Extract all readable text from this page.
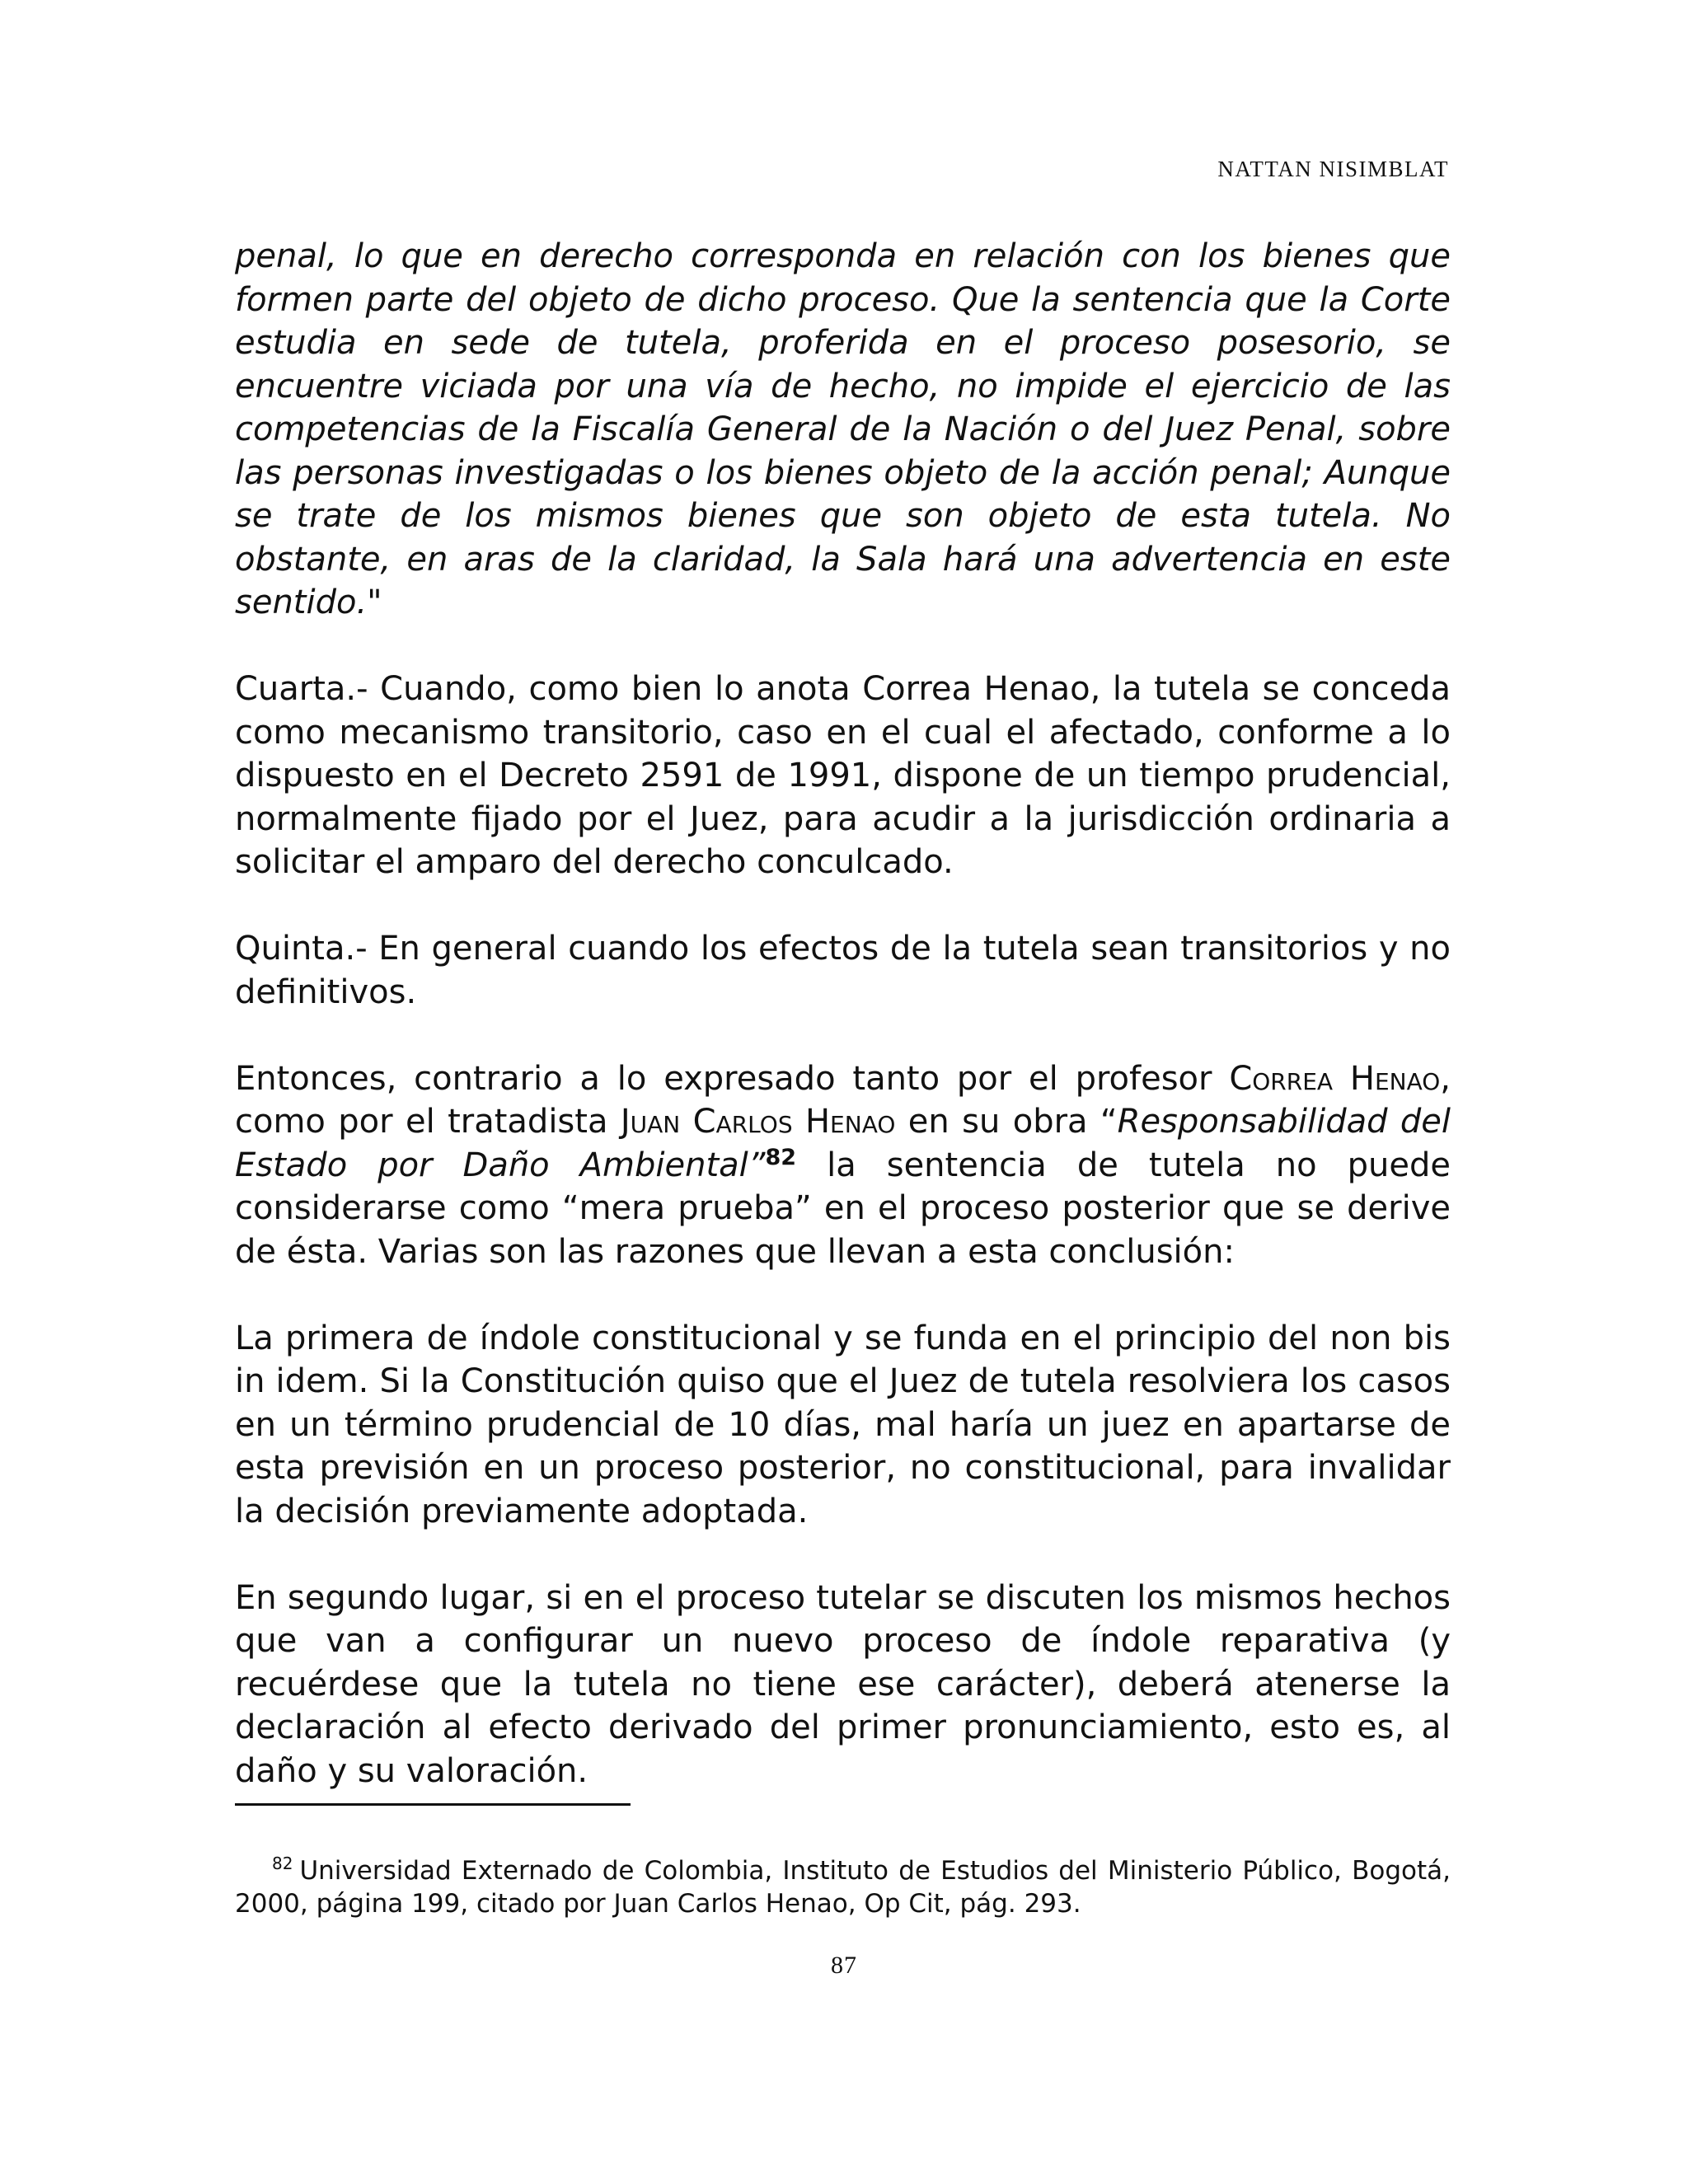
NATTAN NISIMBLAT

penal, lo que en derecho corresponda en relación con los bienes que formen parte del objeto de dicho proceso. Que la sentencia que la Corte estudia en sede de tutela, proferida en el proceso posesorio, se encuentre viciada por una vía de hecho, no impide el ejercicio de las competencias de la Fiscalía General de la Nación o del Juez Penal, sobre las personas investigadas o los bienes objeto de la acción penal; Aunque se trate de los mismos bienes que son objeto de esta tutela. No obstante, en aras de la claridad, la Sala hará una advertencia en este sentido."

Cuarta.- Cuando, como bien lo anota Correa Henao, la tutela se conceda como mecanismo transitorio, caso en el cual el afectado, conforme a lo dispuesto en el Decreto 2591 de 1991, dispone de un tiempo prudencial, normalmente fijado por el Juez, para acudir a la jurisdicción ordinaria a solicitar el amparo del derecho conculcado.

Quinta.- En general cuando los efectos de la tutela sean transitorios y no definitivos.

Entonces, contrario a lo expresado tanto por el profesor Correa Henao, como por el tratadista Juan Carlos Henao en su obra “Responsabilidad del Estado por Daño Ambiental”$^{82}$ la sentencia de tutela no puede considerarse como “mera prueba” en el proceso posterior que se derive de ésta. Varias son las razones que llevan a esta conclusión:

La primera de índole constitucional y se funda en el principio del non bis in idem. Si la Constitución quiso que el Juez de tutela resolviera los casos en un término prudencial de 10 días, mal haría un juez en apartarse de esta previsión en un proceso posterior, no constitucional, para invalidar la decisión previamente adoptada.

En segundo lugar, si en el proceso tutelar se discuten los mismos hechos que van a configurar un nuevo proceso de índole reparativa (y recuérdese que la tutela no tiene ese carácter), deberá atenerse la declaración al efecto derivado del primer pronunciamiento, esto es, al daño y su valoración.

$^{82}$ Universidad Externado de Colombia, Instituto de Estudios del Ministerio Público, Bogotá, 2000, página 199, citado por Juan Carlos Henao, Op Cit, pág. 293.
87
